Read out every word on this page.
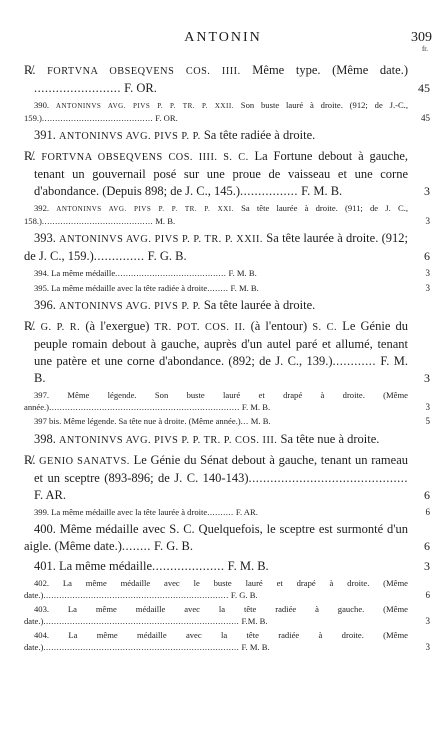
ANTONIN	309
fr.
R̸. FORTVNA OBSEQVENS COS. IIII. Même type. (Même date.) ........................ F. OR.	45
390. ANTONINVS AVG. PIVS P. P. TR. P. XXII. Son buste lauré à droite. (912; de J.-C., 159.).......................................... F. OR.	45
391. ANTONINVS AVG. PIVS P. P. Sa tête radiée à droite.
R̸. FORTVNA OBSEQVENS COS. IIII. S. C. La Fortune debout à gauche, tenant un gouvernail posé sur une proue de vaisseau et une corne d'abondance. (Depuis 898; de J. C., 145.)................ F. M. B.	3
392. ANTONINVS AVG. PIVS P. P. TR. P. XXI. Sa tête laurée à droite. (911; de J. C., 158.).......................................... M. B.	3
393. ANTONINVS AVG. PIVS P. P. TR. P. XXII. Sa tête laurée à droite. (912; de J. C., 159.).............. F. G. B.	6
394. La même médaille.......................................... F. M. B.	3
395. La même médaille avec la tête radiée à droite........ F. M. B.	3
396. ANTONINVS AVG. PIVS P. P. Sa tête laurée à droite.
R̸. G. P. R. (à l'exergue) TR. POT. COS. II. (à l'entour) S. C. Le Génie du peuple romain debout à gauche, auprès d'un autel paré et allumé, tenant une patère et une corne d'abondance. (892; de J. C., 139.)............ F. M. B.	3
397. Même légende. Son buste lauré et drapé à droite. (Même année.)........................................................................ F. M. B.	3
397 bis. Même légende. Sa tête nue à droite. (Même année.)... M. B.	5
398. ANTONINVS AVG. PIVS P. P. TR. P. COS. III. Sa tête nue à droite.
R̸. GENIO SANATVS. Le Génie du Sénat debout à gauche, tenant un rameau et un sceptre (893-896; de J. C. 140-143)............................................ F. AR.	6
399. La même médaille avec la tête laurée à droite.......... F. AR.	6
400. Même médaille avec S. C. Quelquefois, le sceptre est surmonté d'un aigle. (Même date.)........ F. G. B.	6
401. La même médaille.................... F. M. B.	3
402. La même médaille avec le buste lauré et drapé à droite. (Même date.)...................................................................... F. G. B.	6
403. La même médaille avec la tête radiée à gauche. (Même date.).......................................................................... F.M. B.	3
404. La même médaille avec la tête radiée à droite. (Même date.).......................................................................... F. M. B.	3
